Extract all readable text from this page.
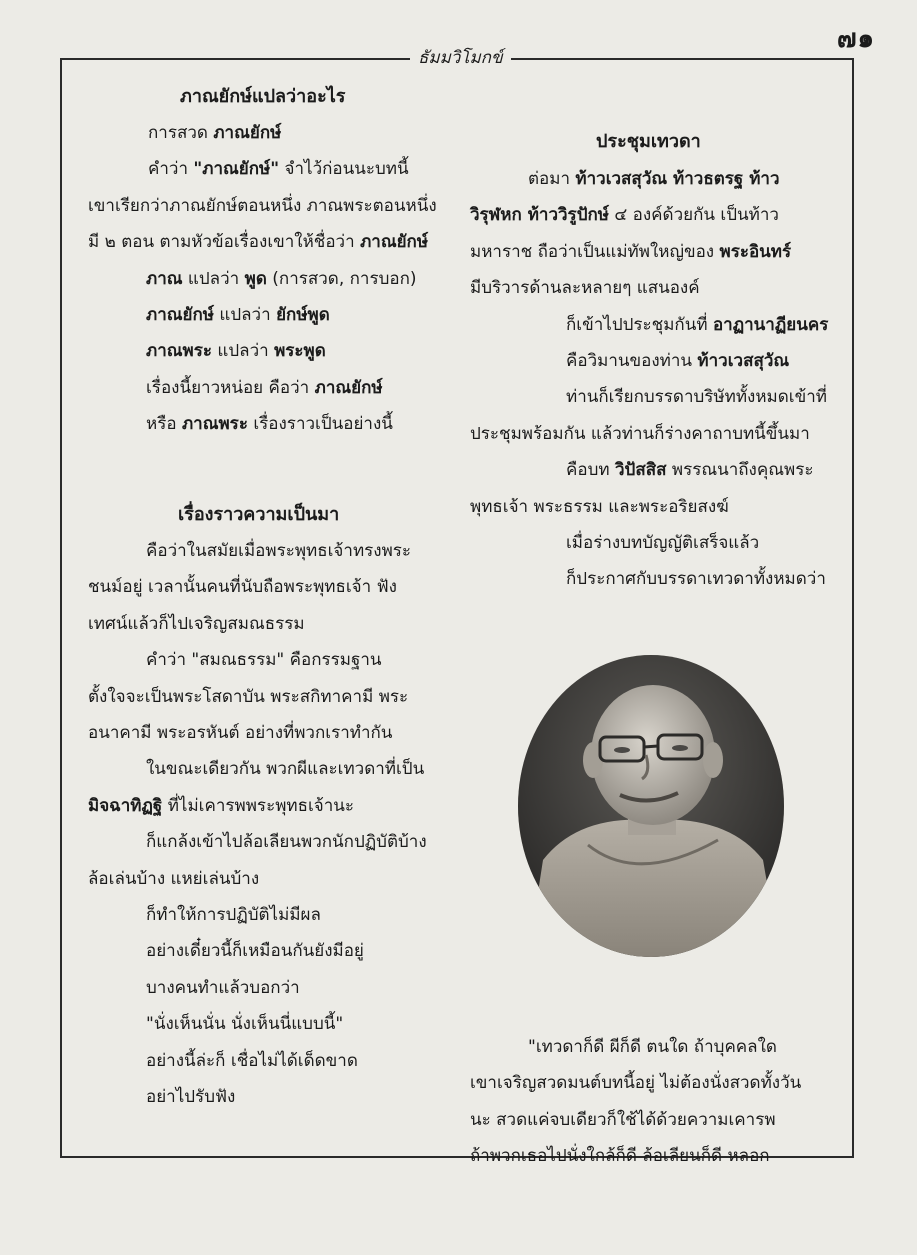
๗๑
ธัมมวิโมกข์
ภาณยักษ์แปลว่าอะไร
การสวด ภาณยักษ์
คำว่า "ภาณยักษ์" จำไว้ก่อนนะบทนี้
เขาเรียกว่าภาณยักษ์ตอนหนึ่ง ภาณพระตอนหนึ่ง
มี ๒ ตอน ตามหัวข้อเรื่องเขาให้ชื่อว่า ภาณยักษ์
ภาณ แปลว่า พูด (การสวด, การบอก)
ภาณยักษ์ แปลว่า ยักษ์พูด
ภาณพระ แปลว่า พระพูด
เรื่องนี้ยาวหน่อย คือว่า ภาณยักษ์
หรือ ภาณพระ เรื่องราวเป็นอย่างนี้
เรื่องราวความเป็นมา
คือว่าในสมัยเมื่อพระพุทธเจ้าทรงพระ
ชนม์อยู่ เวลานั้นคนที่นับถือพระพุทธเจ้า ฟัง
เทศน์แล้วก็ไปเจริญสมณธรรม
คำว่า "สมณธรรม" คือกรรมฐาน
ตั้งใจจะเป็นพระโสดาบัน พระสกิทาคามี พระ
อนาคามี พระอรหันต์ อย่างที่พวกเราทำกัน
ในขณะเดียวกัน พวกผีและเทวดาที่เป็น
มิจฉาทิฏฐิ ที่ไม่เคารพพระพุทธเจ้านะ
ก็แกล้งเข้าไปล้อเลียนพวกนักปฏิบัติบ้าง
ล้อเล่นบ้าง แหย่เล่นบ้าง
ก็ทำให้การปฏิบัติไม่มีผล
อย่างเดี๋ยวนี้ก็เหมือนกันยังมีอยู่
บางคนทำแล้วบอกว่า
"นั่งเห็นนั่น นั่งเห็นนี่แบบนี้"
อย่างนี้ล่ะก็ เชื่อไม่ได้เด็ดขาด
อย่าไปรับฟัง
ประชุมเทวดา
ต่อมา ท้าวเวสสุวัณ ท้าวธตรฐ ท้าว
วิรุฬหก ท้าววิรูปักษ์ ๔ องค์ด้วยกัน เป็นท้าว
มหาราช ถือว่าเป็นแม่ทัพใหญ่ของ พระอินทร์
มีบริวารด้านละหลายๆ แสนองค์
ก็เข้าไปประชุมกันที่ อาฏานาฏียนคร
คือวิมานของท่าน ท้าวเวสสุวัณ
ท่านก็เรียกบรรดาบริษัททั้งหมดเข้าที่
ประชุมพร้อมกัน แล้วท่านก็ร่างคาถาบทนี้ขึ้นมา
คือบท วิปัสสิส พรรณนาถึงคุณพระ
พุทธเจ้า พระธรรม และพระอริยสงฆ์
เมื่อร่างบทบัญญัติเสร็จแล้ว
ก็ประกาศกับบรรดาเทวดาทั้งหมดว่า
"เทวดาก็ดี ผีก็ดี ตนใด ถ้าบุคคลใด
เขาเจริญสวดมนต์บทนี้อยู่ ไม่ต้องนั่งสวดทั้งวัน
นะ สวดแค่จบเดียวก็ใช้ได้ด้วยความเคารพ
ถ้าพวกเธอไปนั่งใกล้ก็ดี ล้อเลียนก็ดี หลอก
